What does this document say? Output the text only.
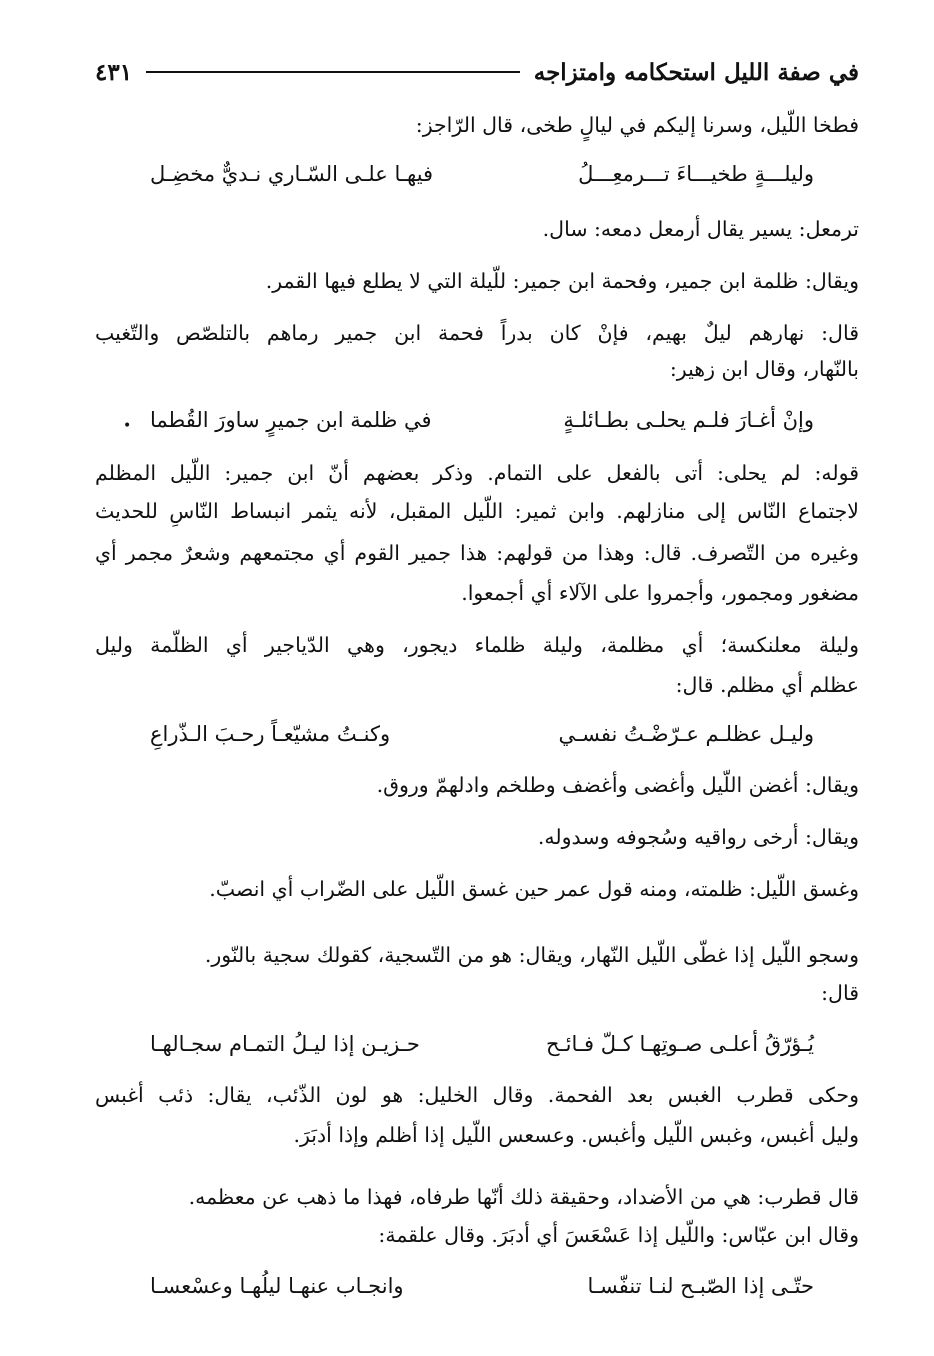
في صفة الليل استحكامه وامتزاجه
٤٣١
فطخا اللّيل، وسرنا إليكم في ليالٍ طخى، قال الرّاجز:
وليلـــةٍ طخيـــاءَ تـــرمعِـــلُ
فيهـا علـى السّـاري نـديٌّ مخضِـل
ترمعل: يسير يقال أرمعل دمعه: سال.
ويقال: ظلمة ابن جمير، وفحمة ابن جمير: للّيلة التي لا يطلع فيها القمر.
قال: نهارهم ليلٌ بهيم، فإنْ كان بدراً فحمة ابن جمير رماهم بالتلصّص والتّغيب
بالنّهار، وقال ابن زهير:
وإنْ أغـارَ فلـم يحلـى بطـائلـةٍ
في ظلمة ابن جميرٍ ساورَ القُطما
•
قوله: لم يحلى: أتى بالفعل على التمام. وذكر بعضهم أنّ ابن جمير: اللّيل المظلم
لاجتماع النّاس إلى منازلهم. وابن ثمير: اللّيل المقبل، لأنه يثمر انبساط النّاسِ للحديث
وغيره من التّصرف. قال: وهذا من قولهم: هذا جمير القوم أي مجتمعهم وشعرٌ مجمر أي
مضغور ومجمور، وأجمروا على الآلاء أي أجمعوا.
وليلة معلنكسة؛ أي مظلمة، وليلة ظلماء ديجور، وهي الدّياجير أي الظلّمة وليل
عظلم أي مظلم. قال:
وليـل عظلـم عـرّضْـتُ نفسـي
وكنـتُ مشيّعـاً رحـبَ الـذّراعِ
ويقال: أغضن اللّيل وأغضى وأغضف وطلخم وادلهمّ وروق.
ويقال: أرخى رواقيه وسُجوفه وسدوله.
وغسق اللّيل: ظلمته، ومنه قول عمر حين غسق اللّيل على الضّراب أي انصبّ.
وسجو اللّيل إذا غطّى اللّيل النّهار، ويقال: هو من التّسجية، كقولك سجية بالنّور.
قال:
يُـؤرّقُ أعلـى صـوتِهـا كـلّ فـائـح
حـزيـن إذا ليـلُ التمـام سجـالهـا
وحكى قطرب الغبس بعد الفحمة. وقال الخليل: هو لون الذّئب، يقال: ذئب أغبس
وليل أغبس، وغبس اللّيل وأغبس. وعسعس اللّيل إذا أظلم وإذا أدبَرَ.
قال قطرب: هي من الأضداد، وحقيقة ذلك أنّها طرفاه، فهذا ما ذهب عن معظمه.
وقال ابن عبّاس: واللّيل إذا عَسْعَسَ أي أدبَرَ. وقال علقمة:
حتّـى إذا الصّبـح لنـا تنفّسـا
وانجـاب عنهـا ليلُهـا وعسْعسـا
